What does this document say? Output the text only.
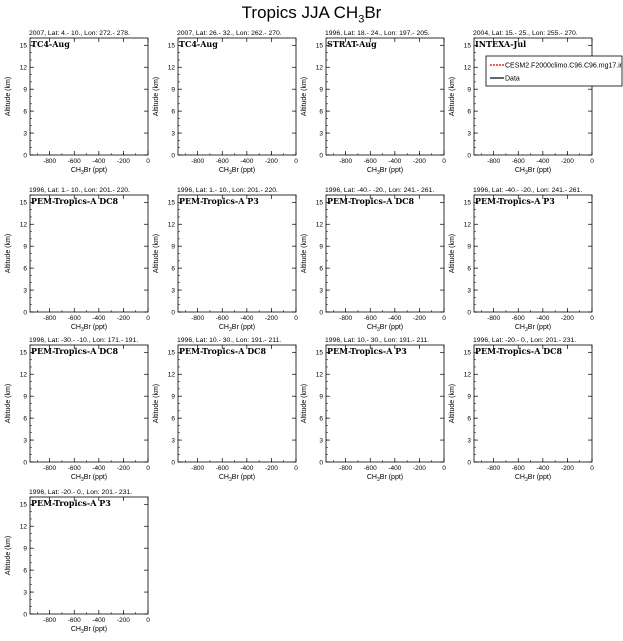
Tropics JJA $CH_3Br$
2007, Lat: 4.- 10., Lon: 272.- 278.
TC4-Aug
0
3
6
9
12
15
-800 -600 -400 -200	0
$CH_3Br$ (ppt)
Altitude (km)
2007, Lat: 26.- 32., Lon: 262.- 270.
TC4-Aug
0
3
6
9
12
15
-800 -600 -400 -200	0
$CH_3Br$ (ppt)
Altitude (km)
1996, Lat: 18.- 24., Lon: 197.- 205.
STRAT-Aug
0
3
6
9
12
15
-800 -600 -400 -200	0
$CH_3Br$ (ppt)
Altitude (km)
2004, Lat: 15.- 25., Lon: 255.- 270.
INTEXA-Jul
0
3
6
9
12
15
-800 -600 -400 -200	0
$CH_3Br$ (ppt)
Altitude (km)
CESM2.F2000climo.C96.C96.mg17.ir
Data
1996, Lat: 1.- 10., Lon: 201.- 220.
PEM-Tropics-A DC8
0
3
6
9
12
15
-800 -600 -400 -200	0
$CH_3Br$ (ppt)
Altitude (km)
1996, Lat: 1.- 10., Lon: 201.- 220.
PEM-Tropics-A P3
0
3
6
9
12
15
-800 -600 -400 -200	0
$CH_3Br$ (ppt)
Altitude (km)
1996, Lat: -40.- -20., Lon: 241.- 261.
PEM-Tropics-A DC8
0
3
6
9
12
15
-800 -600 -400 -200	0
$CH_3Br$ (ppt)
Altitude (km)
1996, Lat: -40.- -20., Lon: 241.- 261.
PEM-Tropics-A P3
0
3
6
9
12
15
-800 -600 -400 -200	0
$CH_3Br$ (ppt)
Altitude (km)
1996, Lat: -30.- -10., Lon: 171.- 191.
PEM-Tropics-A DC8
0
3
6
9
12
15
-800 -600 -400 -200	0
$CH_3Br$ (ppt)
Altitude (km)
1996, Lat: 10.- 30., Lon: 191.- 211.
PEM-Tropics-A DC8
0
3
6
9
12
15
-800 -600 -400 -200	0
$CH_3Br$ (ppt)
Altitude (km)
1996, Lat: 10.- 30., Lon: 191.- 211.
PEM-Tropics-A P3
0
3
6
9
12
15
-800 -600 -400 -200	0
$CH_3Br$ (ppt)
Altitude (km)
1996, Lat: -20.- 0., Lon: 201.- 231.
PEM-Tropics-A DC8
0
3
6
9
12
15
-800 -600 -400 -200	0
$CH_3Br$ (ppt)
Altitude (km)
1996, Lat: -20.- 0., Lon: 201.- 231.
PEM-Tropics-A P3
0
3
6
9
12
15
-800 -600 -400 -200	0
$CH_3Br$ (ppt)
Altitude (km)
